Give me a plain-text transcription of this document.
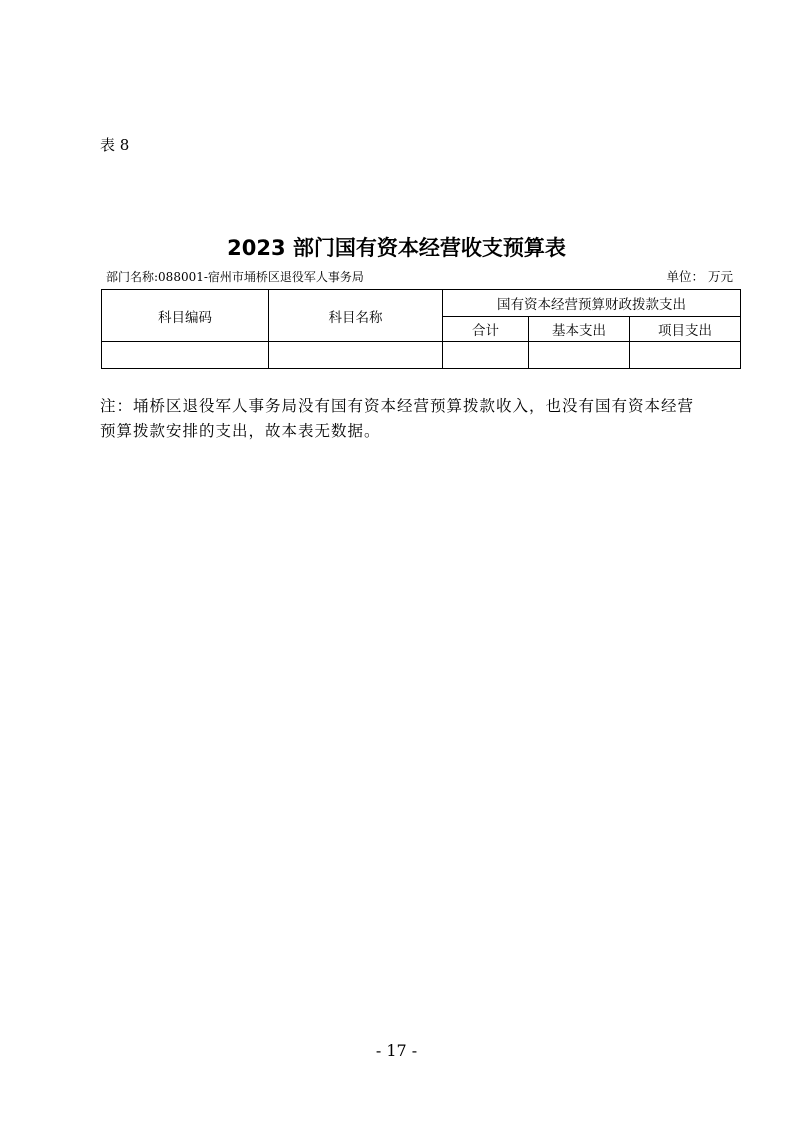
表 8
2023 部门国有资本经营收支预算表
部门名称:088001-宿州市埇桥区退役军人事务局	单位： 万元
科目编码	科目名称	国有资本经营预算财政拨款支出		
		合计	基本支出	项目支出

注：埇桥区退役军人事务局没有国有资本经营预算拨款收入，也没有国有资本经营预算拨款安排的支出，故本表无数据。
- 17 -
